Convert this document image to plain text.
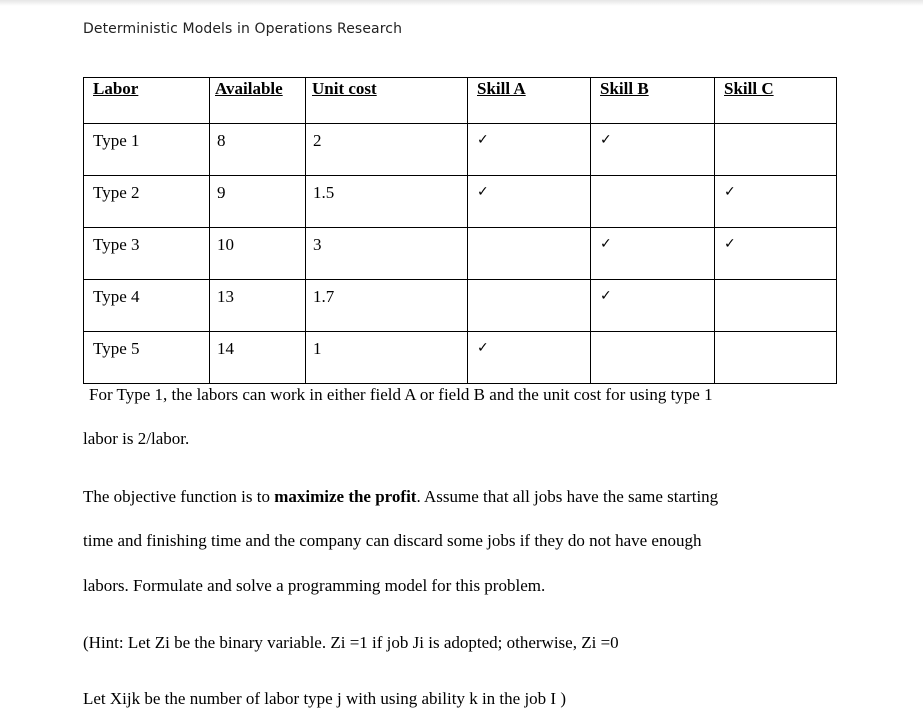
Deterministic Models in Operations Research
Labor	Available	Unit cost	Skill A	Skill B	Skill C
Type 1	8	2	✓	✓	
Type 2	9	1.5	✓		✓
Type 3	10	3		✓	✓
Type 4	13	1.7		✓	
Type 5	14	1	✓		
For Type 1, the labors can work in either field A or field B and the unit cost for using type 1
labor is 2/labor.
The objective function is to maximize the profit. Assume that all jobs have the same starting
time and finishing time and the company can discard some jobs if they do not have enough
labors. Formulate and solve a programming model for this problem.
(Hint: Let Zi be the binary variable. Zi =1 if job Ji is adopted; otherwise, Zi =0
Let Xijk be the number of labor type j with using ability k in the job I )
